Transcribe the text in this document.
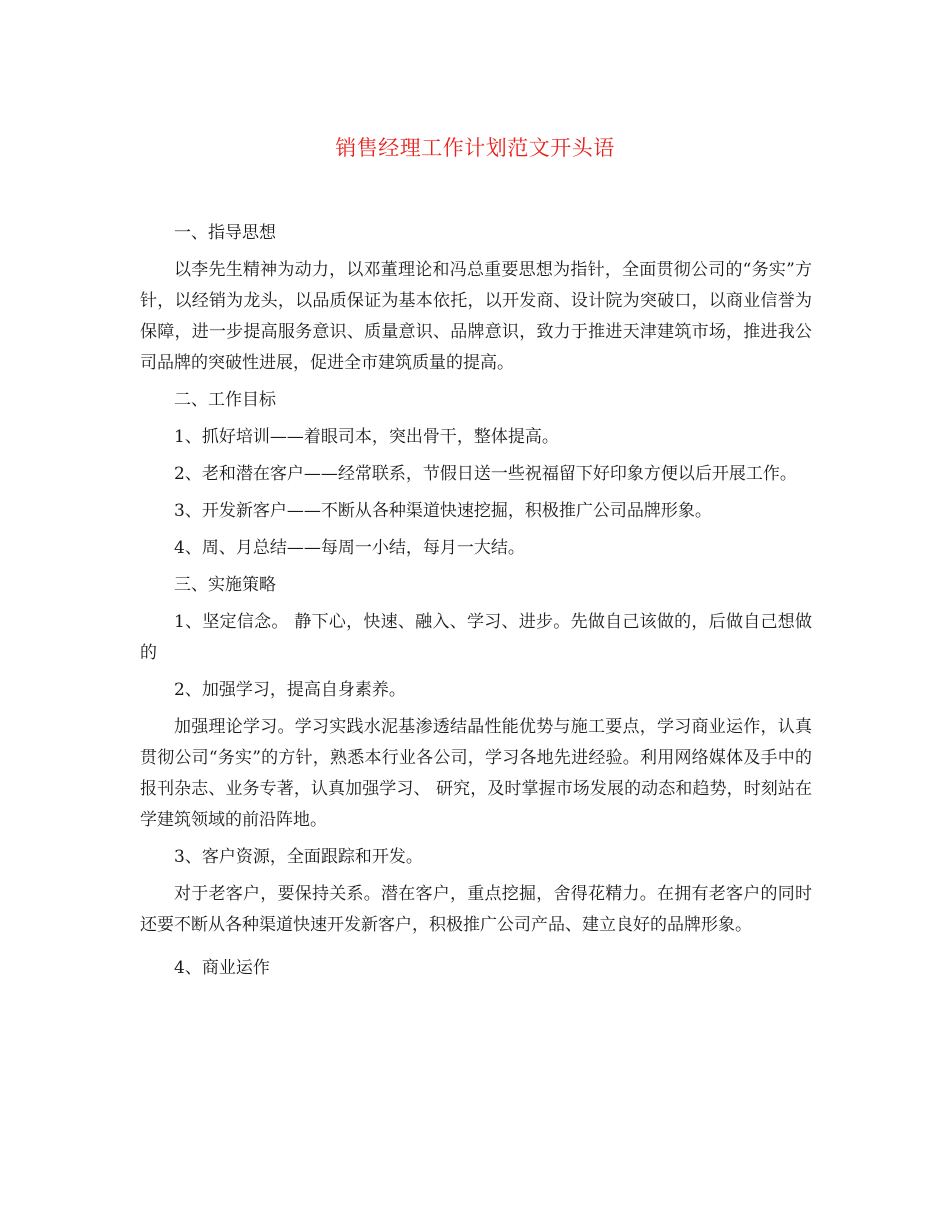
销售经理工作计划范文开头语

一、指导思想

以李先生精神为动力，以邓董理论和冯总重要思想为指针，全面贯彻公司的“务实”方针，以经销为龙头，以品质保证为基本依托，以开发商、设计院为突破口，以商业信誉为保障，进一步提高服务意识、质量意识、品牌意识，致力于推进天津建筑市场，推进我公司品牌的突破性进展，促进全市建筑质量的提高。

二、工作目标

1、抓好培训——着眼司本，突出骨干，整体提高。

2、老和潜在客户——经常联系，节假日送一些祝福留下好印象方便以后开展工作。

3、开发新客户——不断从各种渠道快速挖掘，积极推广公司品牌形象。

4、周、月总结——每周一小结，每月一大结。

三、实施策略

1、坚定信念。 静下心，快速、融入、学习、进步。先做自己该做的，后做自己想做的

2、加强学习，提高自身素养。

加强理论学习。学习实践水泥基渗透结晶性能优势与施工要点，学习商业运作，认真贯彻公司“务实”的方针，熟悉本行业各公司，学习各地先进经验。利用网络媒体及手中的报刊杂志、业务专著，认真加强学习、 研究，及时掌握市场发展的动态和趋势，时刻站在学建筑领域的前沿阵地。

3、客户资源，全面跟踪和开发。

对于老客户，要保持关系。潜在客户，重点挖掘，舍得花精力。在拥有老客户的同时还要不断从各种渠道快速开发新客户，积极推广公司产品、建立良好的品牌形象。

4、商业运作
